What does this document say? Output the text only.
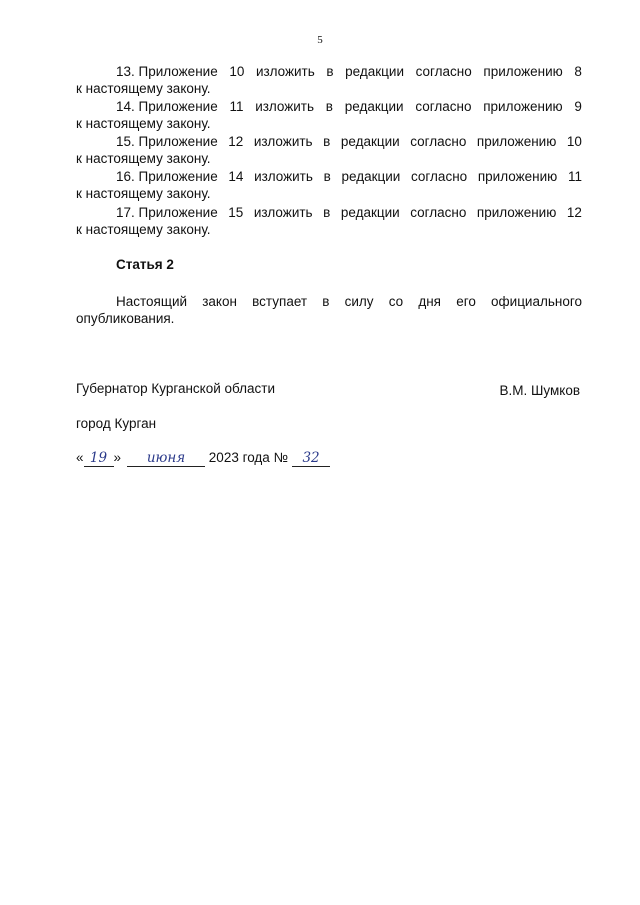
5
13. Приложение 10 изложить в редакции согласно приложению 8
к настоящему закону.
14. Приложение 11 изложить в редакции согласно приложению 9
к настоящему закону.
15. Приложение 12 изложить в редакции согласно приложению 10
к настоящему закону.
16. Приложение 14 изложить в редакции согласно приложению 11
к настоящему закону.
17. Приложение 15 изложить в редакции согласно приложению 12
к настоящему закону.
Статья 2
Настоящий закон вступает в силу со дня его официального
опубликования.
Губернатор Курганской области	В.М. Шумков
город Курган
« 19 » июня 2023 года № 32
